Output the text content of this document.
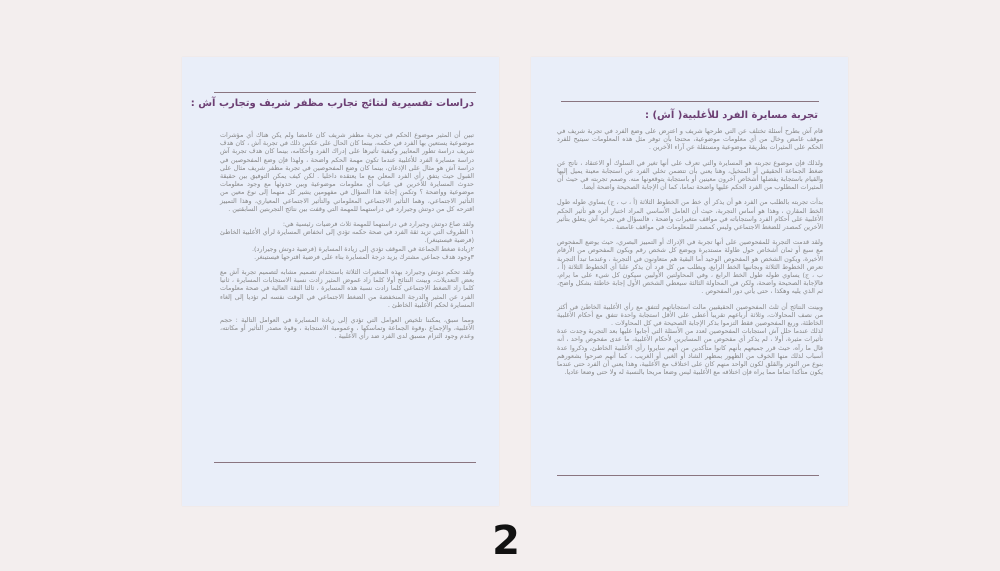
دراسات تفسيرية لنتائج تجارب مظفر شريف وتجارب آش :

تبين أن المثير موضوع الحكم في تجربة مظفر شريف كان غامضا ولم يكن هناك أي مؤشرات موضوعية يستعين بها الفرد في حكمه، بينما كان الحال على عكس ذلك في تجربة آش ، كان هدف شريف دراسة تطور المعايير وكيفية تأثيرها على إدراك الفرد وأحكامه، بينما كان هدف تجربة آش دراسة مسايرة الفرد للأغلبية عندما تكون مهمة الحكم واضحة ، ولهذا فإن وضع المفحوصين في دراسة آش هو مثال على الإذعان، بينما كان وضع المفحوصين في تجربة مظفر شريف مثال على القبول حيث يتفق رأي الفرد المعلن مع ما يعتقده داخليا . لكن كيف يمكن التوفيق بين حقيقة حدوث المسايرة للآخرين في غياب أي معلومات موضوعية وبين حدوثها مع وجود معلومات موضوعية وواضحة ؟ وتكمن إجابة هذا السؤال في مفهومين يشير كل منهما إلى نوع معين من التأثير الاجتماعي، وهما التأثير الاجتماعي المعلوماتي والتأثير الاجتماعي المعياري، وهذا التمييز اقترحه كل من دوتش وجيرارد في دراستهما للمهمة التي وقفت بين نتائج التجربتين السابقتين .

ولقد صاغ دوتش وجيرارد في دراستهما للمهمة ثلاث فرضيات رئيسية هي:

١ الظروف التي تزيد ثقة الفرد في صحة حكمه تؤدي إلى انخفاض المسايرة لرأي الأغلبية الخاطئ (فرضية فيستينغر).

٢زيادة ضغط الجماعة في الموقف تؤدي إلى زيادة المسايرة (فرضية دوتش وجيرارد).

٣وجود هدف جماعي مشترك يزيد درجة المسايرة بناء على فرضية اقترحها فيستينغر.

ولقد تحكم دوتش وجيرارد بهذه المتغيرات الثلاثة باستخدام تصميم مشابه لتصميم تجربة آش مع بعض التعديلات، وبينت النتائج أولا كلما زاد غموض المثير زادت نسبة الاستجابات المسايرة ، ثانيا كلما زاد الضغط الاجتماعي كلما زادت نسبة هذه المسايرة ، ثالثا الثقة العالية في صحة معلومات الفرد عن المثير والدرجة المنخفضة من الضغط الاجتماعي في الوقت نفسه لم تؤديا إلى إلغاء المسايرة لحكم الأغلبية الخاطئ .

ومما سبق، يمكننا تلخيص العوامل التي تؤدي إلى زيادة المسايرة في العوامل التالية : حجم الأغلبية، والإجماع ،وقوة الجماعة وتماسكها ، وعمومية الاستجابة ، وقوة مصدر التأثير أو مكانته، وعدم وجود التزام مسبق لدى الفرد ضد رأي الأغلبية .

تجربة مسايرة الفرد للأغلبية( آش) :

قام آش بطرح أسئلة تختلف عن التي طرحها شريف و اعترض على وضع الفرد في تجربة شريف في موقف غامض وخال من أي معلومات موضوعية، محتجا بأن توفر مثل هذه المعلومات سيتيح للفرد الحكم على المثيرات بطريقة موضوعية ومستقلة عن آراء الآخرين .

ولذلك فإن موضوع تجربته هو المسايرة والتي تعرف على أنها تغير في السلوك أو الاعتقاد ، ناتج عن ضغط الجماعة الحقيقي أو المتخيل، وهنا يعني بأن تتضمن تخلي الفرد عن استجابة معينة يميل إليها والقيام باستجابة يفضلها أشخاص آخرون معينين أو باستجابة يتوقعونها منه. وصمم تجربته في حيث أن المثيرات المطلوب من الفرد الحكم عليها واضحة تماما، كما أن الإجابة الصحيحة واضحة أيضا.

بدأت تجربته بالطلب من الفرد هو أن يذكر أي خط من الخطوط الثلاثة (أ ، ب ، ج) يساوي طوله طول الخط المقارن ، وهذا هو أساس التجربة، حيث أن العامل الأساسي المراد اختبار أثره هو تأثير الحكم الأغلبية على أحكام الفرد واستجاباته في مواقف متغيرات واضحة ، فالسؤال في تجربة آش يتعلق بتأثير الآخرين كمصدر للضغط الاجتماعي وليس كمصدر للمعلومات في مواقف غامضة .

ولقد قدمت التجربة للمفحوصين على أنها تجربة في الإدراك أو التمييز البصري، حيث يوضع المفحوص مع سبع أو ثمان أشخاص حول طاولة مستديرة ويوضع كل شخص رقم ويكون المفحوص من الأرقام الأخيرة، ويكون الشخص هو المفحوص الوحيد أما البقية هم متعاونون في التجربة ، وعندما تبدأ التجربة تعرض الخطوط الثلاثة وبجانبها الخط الرابع، ويطلب من كل فرد أن يذكر علنا أي الخطوط الثلاثة (أ ، ب ، ج) يساوي طوله طول الخط الرابع ، وفي المحاولتين الأوليين سيكون كل شيء على ما يرام، فالإجابة الصحيحة واضحة، ولكن في المحاولة الثالثة سيعطي الشخص الأول إجابة خاطئة بشكل واضح، ثم الذي يليه وهكذا ، حتى يأتي دور المفحوص .

وبينت النتائج أن ثلث المفحوصين الحقيقيين مالت استجاباتهم لتتفق مع رأي الأغلبية الخاطئ في أكثر من نصف المحاولات، وثلاثة أرباعهم تقريبا أعطى على الأقل استجابة واحدة تتفق مع أحكام الأغلبية الخاطئة، وربع المفحوصين فقط التزموا بذكر الإجابة الصحيحة في كل المحاولات .

لذلك عندما حلل آش استجابات المفحوصين لعدد من الأسئلة التي أجابوا عليها بعد التجربة وجدت عدة تأثيرات مثيرة، أولا ، لم يذكر أي مفحوص من المسايرين لأحكام الأغلبية، ما عدى مفحوص واحد ، أنه قال ما رآه، حيث قرر جميعهم بأنهم كانوا متأكدين من أنهم سايروا رأي الأغلبية الخاطئ، وذكروا عدة أسباب لذلك منها الخوف من الظهور بمظهر الشاذ أو الغبي أو الغريب ، كما أنهم صرحوا بشعورهم بنوع من التوتر والقلق لكون الواحد منهم كان على اختلاف مع الأغلبية، وهذا يعني أن الفرد حتى عندما يكون متأكدا تماما مما يراه فإن اختلافه مع الأغلبية ليس وضعا مريحا بالنسبة له ولا حتى وضعا عاديا.

2
